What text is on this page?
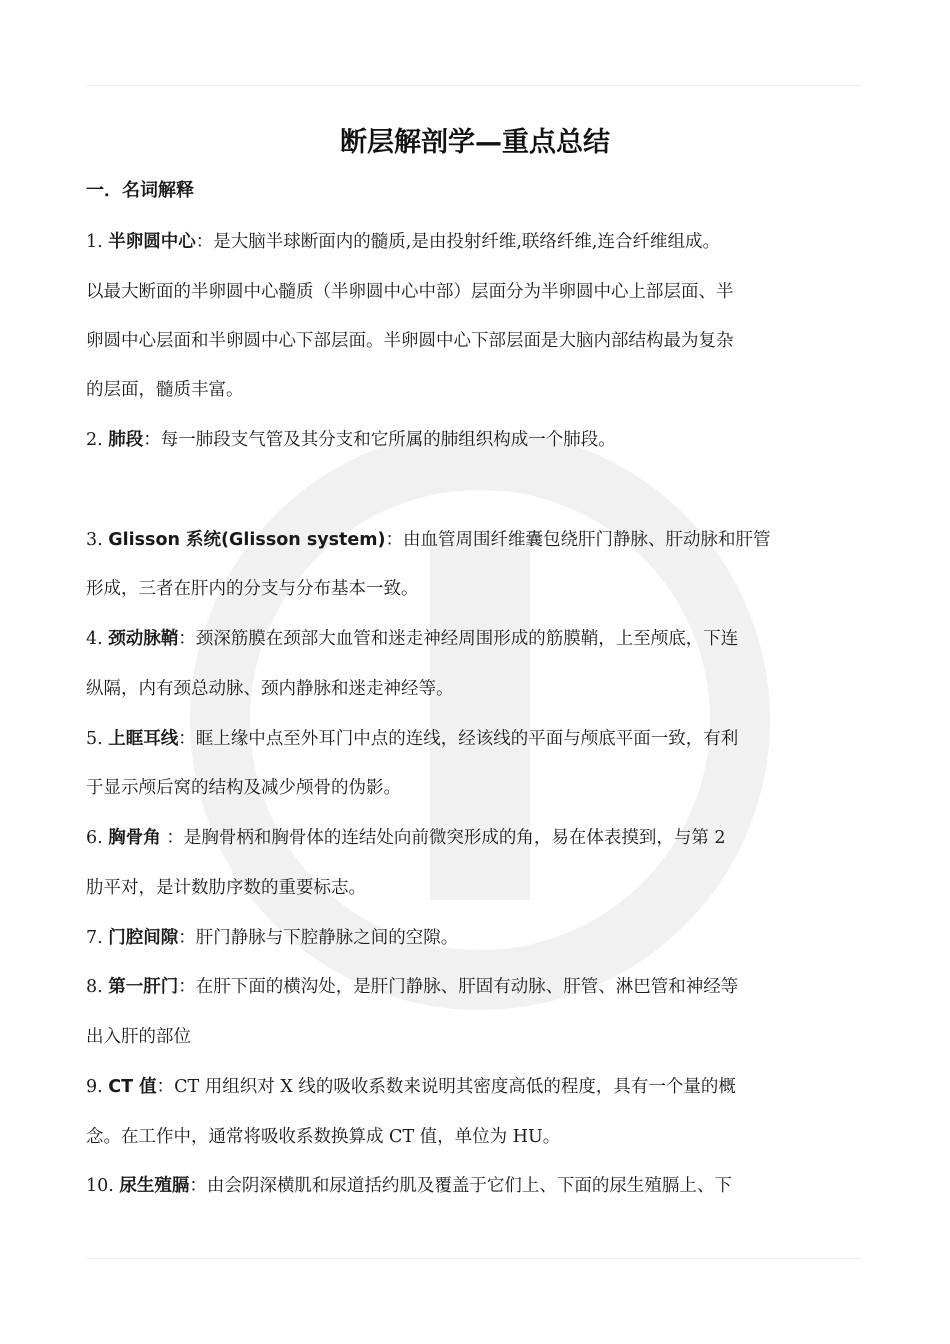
断层解剖学—重点总结
一．名词解释
1. 半卵圆中心：是大脑半球断面内的髓质,是由投射纤维,联络纤维,连合纤维组成。
以最大断面的半卵圆中心髓质（半卵圆中心中部）层面分为半卵圆中心上部层面、半
卵圆中心层面和半卵圆中心下部层面。半卵圆中心下部层面是大脑内部结构最为复杂
的层面，髓质丰富。
2. 肺段：每一肺段支气管及其分支和它所属的肺组织构成一个肺段。
3. Glisson 系统(Glisson system)：由血管周围纤维囊包绕肝门静脉、肝动脉和肝管
形成，三者在肝内的分支与分布基本一致。
4. 颈动脉鞘：颈深筋膜在颈部大血管和迷走神经周围形成的筋膜鞘，上至颅底，下连
纵隔，内有颈总动脉、颈内静脉和迷走神经等。
5. 上眶耳线：眶上缘中点至外耳门中点的连线，经该线的平面与颅底平面一致，有利
于显示颅后窝的结构及减少颅骨的伪影。
6. 胸骨角 ：是胸骨柄和胸骨体的连结处向前微突形成的角，易在体表摸到，与第 2
肋平对，是计数肋序数的重要标志。
7. 门腔间隙：肝门静脉与下腔静脉之间的空隙。
8. 第一肝门：在肝下面的横沟处，是肝门静脉、肝固有动脉、肝管、淋巴管和神经等
出入肝的部位
9. CT 值：CT 用组织对 X 线的吸收系数来说明其密度高低的程度，具有一个量的概
念。在工作中，通常将吸收系数换算成 CT 值，单位为 HU。
10. 尿生殖膈：由会阴深横肌和尿道括约肌及覆盖于它们上、下面的尿生殖膈上、下
